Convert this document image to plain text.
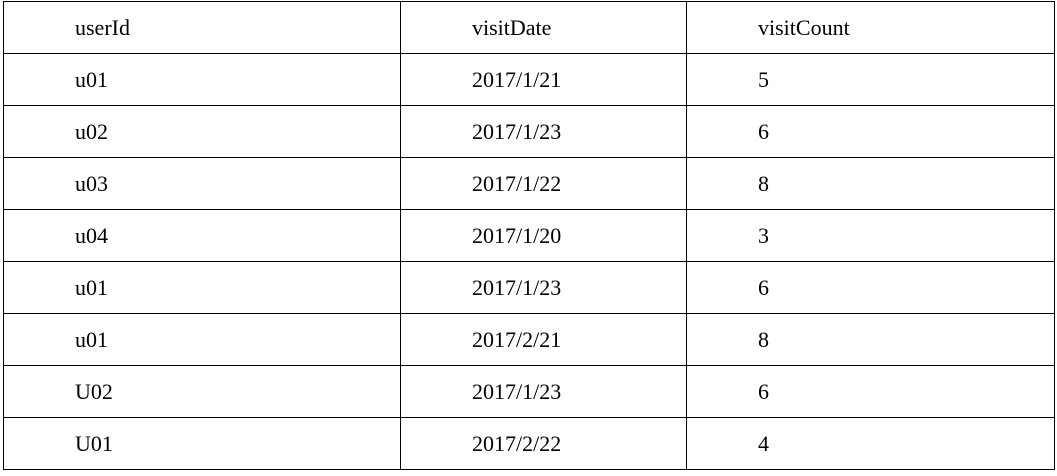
userId	visitDate	visitCount
u01	2017/1/21	5
u02	2017/1/23	6
u03	2017/1/22	8
u04	2017/1/20	3
u01	2017/1/23	6
u01	2017/2/21	8
U02	2017/1/23	6
U01	2017/2/22	4
